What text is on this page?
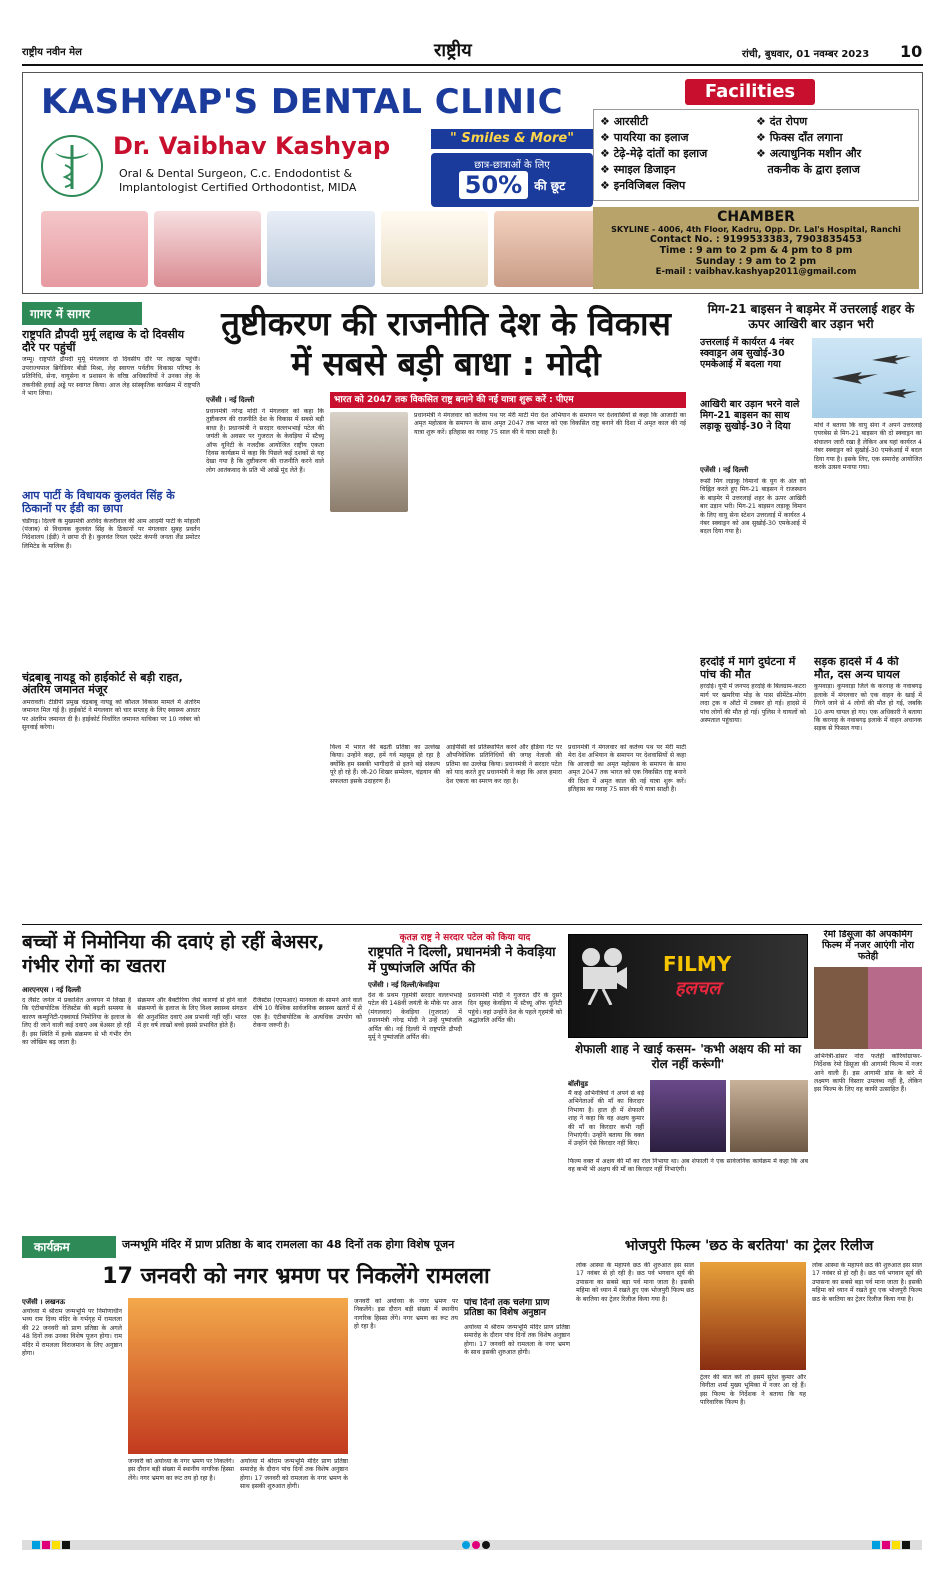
राष्ट्रीय नवीन मेल	राष्ट्रीय	रांची, बुधवार, 01 नवम्बर 2023 10
KASHYAP'S DENTAL CLINIC
Dr. Vaibhav Kashyap
Oral & Dental Surgeon, C.c. Endodontist &
Implantologist Certified Orthodontist, MIDA
" Smiles & More"
छात्र-छात्राओं के लिए
50%	की छूट
Facilities
❖ आरसीटी
❖ पायरिया का इलाज
❖ टेढ़े-मेढ़े दांतों का इलाज
❖ स्माइल डिजाइन
❖ इनविजिबल क्लिप
❖ दंत रोपण
❖ फिक्स दाँत लगाना
❖ अत्याधुनिक मशीन और
तकनीक के द्वारा इलाज
CHAMBER
SKYLINE - 4006, 4th Floor, Kadru, Opp. Dr. Lal's Hospital, Ranchi
Contact No. : 9199533383, 7903835453
Time : 9 am to 2 pm & 4 pm to 8 pm
Sunday : 9 am to 2 pm
E-mail : vaibhav.kashyap2011@gmail.com
गागर में सागर
राष्ट्रपति द्रौपदी मुर्मू लद्दाख के दो दिवसीय दौरे पर पहुंचीं
जम्मू। राष्ट्रपति द्रौपदी मुर्मू मंगलवार दो दिवसीय दौरे पर लद्दाख पहुंचीं। उपराज्यपाल ब्रिगेडियर बीडी मिश्रा, लेह स्वायत्त पर्वतीय विकास परिषद के प्रतिनिधि, सेना, वायुसेना व प्रशासन के वरिष्ठ अधिकारियों ने उनका लेह के तकनीकी हवाई अड्डे पर स्वागत किया। आज लेह सांस्कृतिक कार्यक्रम में राष्ट्रपति ने भाग लिया।
आप पार्टी के विधायक कुलवंत सिंह के ठिकानों पर ईडी का छापा
चंडीगढ़। दिल्ली के मुख्यमंत्री अरविंद केजरीवाल की आम आदमी पार्टी के मोहाली (पंजाब) से विधायक कुलवंत सिंह के ठिकानों पर मंगलवार सुबह प्रवर्तन निदेशालय (ईडी) ने छापा दी है। कुलवंत रियल एस्टेट कंपनी जनता लैंड प्रमोटर लिमिटेड के मालिक हैं।
चंद्रबाबू नायडू को हाईकोर्ट से बड़ी राहत, अंतरिम जमानत मंजूर
अमरावती। टीडीपी प्रमुख चंद्रबाबू नायडू को कौशल विकास मामले में अंतरिम जमानत मिल गई है। हाईकोर्ट ने मंगलवार को चार सप्ताह के लिए स्वास्थ्य आधार पर अंतरिम जमानत दी है। हाईकोर्ट निर्धारित जमानत याचिका पर 10 नवंबर को सुनवाई करेगा।
तुष्टीकरण की राजनीति देश के विकास में सबसे बड़ी बाधा : मोदी
एजेंसी । नई दिल्ली
प्रधानमंत्री नरेन्द्र मोदी ने मंगलवार को कहा कि तुष्टीकरण की राजनीति देश के विकास में सबसे बड़ी बाधा है। प्रधानमंत्री ने सरदार वल्लभभाई पटेल की जयंती के अवसर पर गुजरात के केवड़िया में स्टैच्यू ऑफ यूनिटी के नजदीक आयोजित राष्ट्रीय एकता दिवस कार्यक्रम में कहा कि पिछले कई दशकों से यह देखा गया है कि तुष्टीकरण की राजनीति करने वाले लोग आतंकवाद के प्रति भी आंखें मूंद लेते हैं।
भारत को 2047 तक विकसित राष्ट्र बनाने की नई यात्रा शुरू करें : पीएम
प्रधानमंत्री ने मंगलवार को कर्तव्य पथ पर मेरी माटी मेरा देश अभियान के समापन पर देशवासियों से कहा कि आजादी का अमृत महोत्सव के समापन के साथ अमृत 2047 तक भारत को एक विकसित राष्ट्र बनाने की दिशा में अमृत काल की नई यात्रा शुरू करें। इतिहास का गवाह 75 साल की ये यात्रा साक्षी है।
विश्व में भारत की बढ़ती प्रतिष्ठा का उल्लेख किया। उन्होंने कहा, हमें गर्व महसूस हो रहा है क्योंकि हम सबकी भागीदारी से इतने बड़े संकल्प पूरे हो रहे हैं। जी-20 शिखर सम्मेलन, चंद्रयान की सफलता इसके उदाहरण हैं।
आईपीसी को प्रतिस्थापित करने और इंडिया गेट पर औपनिवेशिक प्रतिनिधियों की जगह नेताजी की प्रतिमा का उल्लेख किया। प्रधानमंत्री ने सरदार पटेल को याद करते हुए प्रधानमंत्री ने कहा कि आज हमारा देश एकता का स्मरण कर रहा है।
प्रधानमंत्री ने मंगलवार को कर्तव्य पथ पर मेरी माटी मेरा देश अभियान के समापन पर देशवासियों से कहा कि आजादी का अमृत महोत्सव के समापन के साथ अमृत 2047 तक भारत को एक विकसित राष्ट्र बनाने की दिशा में अमृत काल की नई यात्रा शुरू करें। इतिहास का गवाह 75 साल की ये यात्रा साक्षी है।
मिग-21 बाइसन ने बाड़मेर में उत्तरलाई शहर के ऊपर आखिरी बार उड़ान भरी
उत्तरलाई में कार्यरत 4 नंबर स्क्वाड्रन अब सुखोई-30 एमकेआई में बदला गया
आखिरी बार उड़ान भरने वाले मिग-21 बाइसन का साथ लड़ाकू सुखोई-30 ने दिया
एजेंसी । नई दिल्ली
रूसी मिग लड़ाकू विमानों के युग के अंत को चिह्नित करते हुए मिग-21 बाइसन ने राजस्थान के बाड़मेर में उत्तरलाई शहर के ऊपर आखिरी बार उड़ान भरी। मिग-21 बाइसन लड़ाकू विमान के लिए वायु सेना स्टेशन उत्तरलाई में कार्यरत 4 नंबर स्क्वाड्रन को अब सुखोई-30 एमकेआई में बदल दिया गया है।
मोर्चे ने बताया कि वायु सेना ने अपने उत्तरलाई एयरबेस से मिग-21 बाइसन की दो स्क्वाड्रन का संचालन जारी रखा है लेकिन अब यहां कार्यरत 4 नंबर स्क्वाड्रन को सुखोई-30 एमकेआई में बदल दिया गया है। इसके लिए, एक समारोह आयोजित करके उत्सव मनाया गया।
हरदोई में मार्ग दुर्घटना में पांच की मौत
हरदोई। यूपी में जनपद हरदोई के बिलग्राम-कटरा मार्ग पर खमरिया मोड़ के पास सीमेंटेड-मोरंग लदा ट्रक व ऑटो में टक्कर हो गई। हादसे में पांच लोगों की मौत हो गई। पुलिस ने घायलों को अस्पताल पहुंचाया।
सड़क हादसे में 4 की मौत, दस अन्य घायल
कुपवाड़ा। कुपवाड़ा जिले के करनाह के नवाबगढ़ इलाके में मंगलवार को एक वाहन के खाई में गिरने जाने से 4 लोगों की मौत हो गई, जबकि 10 अन्य घायल हो गए। एक अधिकारी ने बताया कि करनाह के नवाबगढ़ इलाके में वाहन अचानक सड़क से फिसल गया।
बच्चों में निमोनिया की दवाएं हो रहीं बेअसर, गंभीर रोगों का खतरा
आरएनएस । नई दिल्ली
द लैंसेट जर्नल में प्रकाशित अध्ययन में लिखा है कि एंटीबायोटिक रेजिस्टेंस की बढ़ती समस्या के कारण कम्युनिटी-एक्वायर्ड निमोनिया के इलाज के लिए दी जाने वाली कई दवाएं अब बेअसर हो रही हैं। इस स्थिति में हल्के संक्रमण से भी गंभीर रोग का जोखिम बढ़ जाता है।
संक्रमण और बैक्टीरिया जैसे कारणों से होने वाले संक्रमणों के इलाज के लिए विश्व स्वास्थ्य संगठन की अनुशंसित दवाएं अब प्रभावी नहीं रहीं। भारत में हर वर्ष लाखों बच्चे इससे प्रभावित होते हैं।
रेजिस्टेंस (एएमआर) मानवता के सामने आने वाले शीर्ष 10 वैश्विक सार्वजनिक स्वास्थ्य खतरों में से एक है। एंटीबायोटिक के अत्यधिक उपयोग को रोकना जरूरी है।
कृतज्ञ राष्ट्र ने सरदार पटेल को किया याद
राष्ट्रपति ने दिल्ली, प्रधानमंत्री ने केवड़िया में पुष्पांजलि अर्पित की
एजेंसी । नई दिल्ली/केवड़िया
देश के प्रथम गृहमंत्री सरदार वल्लभभाई पटेल की 148वीं जयंती के मौके पर आज (मंगलवार) केवड़िया (गुजरात) में प्रधानमंत्री नरेन्द्र मोदी ने उन्हें पुष्पांजलि अर्पित की। नई दिल्ली में राष्ट्रपति द्रौपदी मुर्मू ने पुष्पांजलि अर्पित की।
प्रधानमंत्री मोदी ने गुजरात दौरे के दूसरे दिन सुबह केवड़िया में स्टैच्यू ऑफ यूनिटी पहुंचे। वहां उन्होंने देश के पहले गृहमंत्री को श्रद्धांजलि अर्पित की।
FILMY
हलचल
शेफाली शाह ने खाई कसम- 'कभी अक्षय की मां का रोल नहीं करूंगी'
बॉलीवुड
मैं कई अभिनेत्रियों ने अपने से बड़े अभिनेताओं की माँ का किरदार निभाया है। हाल ही में शेफाली शाह ने कहा कि वह अक्षय कुमार की माँ का किरदार कभी नहीं निभाएंगी। उन्होंने बताया कि वक्त में उन्होंने ऐसे किरदार नहीं किए।
फिल्म वक्त में अक्षय की माँ का रोल निभाया था। अब शेफाली ने एक सार्वजनिक कार्यक्रम में कहा कि अब वह कभी भी अक्षय की माँ का किरदार नहीं निभाएंगी।
रेमो डिसूजा की अपकमिंग फिल्म में नजर आएंगी नोरा फतेही
अभिनेत्री-डांसर नोरा फतेही कोरियोग्राफर-निर्देशक रेमो डिसूजा की आगामी फिल्म में नजर आने वाली हैं। इस आगामी डांस के बारे में लक्ष्मण काफी विस्तार उपलब्ध नहीं है, लेकिन इस फिल्म के लिए वह काफी उत्साहित हैं।
कार्यक्रम	जन्मभूमि मंदिर में प्राण प्रतिष्ठा के बाद रामलला का 48 दिनों तक होगा विशेष पूजन
17 जनवरी को नगर भ्रमण पर निकलेंगे रामलला
एजेंसी । लखनऊ
अयोध्या में श्रीराम जन्मभूमि पर निर्माणाधीन भव्य राम दिव्य मंदिर के गर्भगृह में रामलला की 22 जनवरी को प्राण प्रतिष्ठा के अगले 48 दिनों तक उनका विशेष पूजन होगा। राम मंदिर में रामलला विराजमान के लिए अनुष्ठान होगा।
जनवरी को अयोध्या के नगर भ्रमण पर निकलेंगे। इस दौरान बड़ी संख्या में स्थानीय नागरिक हिस्सा लेंगे। नगर भ्रमण का रूट तय हो रहा है।
अयोध्या में श्रीराम जन्मभूमि मंदिर प्राण प्रतिष्ठा समारोह के दौरान पांच दिनों तक विशेष अनुष्ठान होगा। 17 जनवरी को रामलला के नगर भ्रमण के साथ इसकी शुरुआत होगी।
जनवरी को अयोध्या के नगर भ्रमण पर निकलेंगे। इस दौरान बड़ी संख्या में स्थानीय नागरिक हिस्सा लेंगे। नगर भ्रमण का रूट तय हो रहा है।
पांच दिनों तक चलेगा प्राण प्रतिष्ठा का विशेष अनुष्ठान
अयोध्या में श्रीराम जन्मभूमि मंदिर प्राण प्रतिष्ठा समारोह के दौरान पांच दिनों तक विशेष अनुष्ठान होगा। 17 जनवरी को रामलला के नगर भ्रमण के साथ इसकी शुरुआत होगी।
भोजपुरी फिल्म 'छठ के बरतिया' का ट्रेलर रिलीज
लोक आस्था के महापर्व छठ की शुरुआत इस साल 17 नवंबर से हो रही है। छठ पर्व भगवान सूर्य की उपासना का सबसे बड़ा पर्व माना जाता है। इसकी महिमा को ध्यान में रखते हुए एक भोजपुरी फिल्म छठ के बरतिया का ट्रेलर रिलीज किया गया है।
ट्रेलर की बात करें तो इसमें सुरेश कुमार और विनीता शर्मा मुख्य भूमिका में नजर आ रहे हैं। इस फिल्म के निर्देशक ने बताया कि यह पारिवारिक फिल्म है।
लोक आस्था के महापर्व छठ की शुरुआत इस साल 17 नवंबर से हो रही है। छठ पर्व भगवान सूर्य की उपासना का सबसे बड़ा पर्व माना जाता है। इसकी महिमा को ध्यान में रखते हुए एक भोजपुरी फिल्म छठ के बरतिया का ट्रेलर रिलीज किया गया है।
